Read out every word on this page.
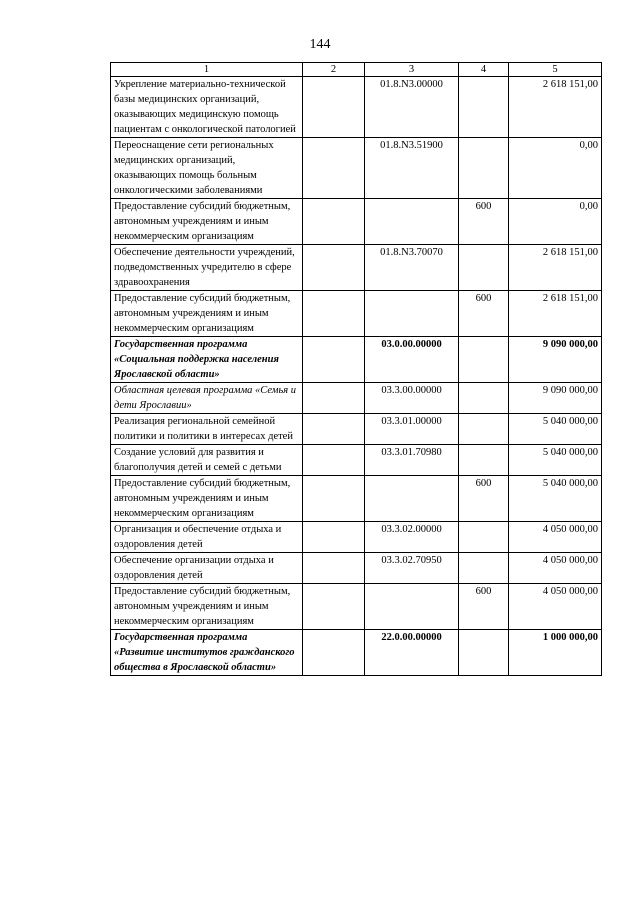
144
1	2	3	4	5
Укрепление материально-технической базы медицинских организаций, оказывающих медицинскую помощь пациентам с онкологической патологией		01.8.N3.00000		2 618 151,00
Переоснащение сети региональных медицинских организаций, оказывающих помощь больным онкологическими заболеваниями		01.8.N3.51900		0,00
Предоставление субсидий бюджетным, автономным учреждениям и иным некоммерческим организациям			600	0,00
Обеспечение деятельности учреждений, подведомственных учредителю в сфере здравоохранения		01.8.N3.70070		2 618 151,00
Предоставление субсидий бюджетным, автономным учреждениям и иным некоммерческим организациям			600	2 618 151,00
Государственная программа «Социальная поддержка населения Ярославской области»		03.0.00.00000		9 090 000,00
Областная целевая программа «Семья и дети Ярославии»		03.3.00.00000		9 090 000,00
Реализация региональной семейной политики и политики в интересах детей		03.3.01.00000		5 040 000,00
Создание условий для развития и благополучия детей и семей с детьми		03.3.01.70980		5 040 000,00
Предоставление субсидий бюджетным, автономным учреждениям и иным некоммерческим организациям			600	5 040 000,00
Организация и обеспечение отдыха и оздоровления детей		03.3.02.00000		4 050 000,00
Обеспечение организации отдыха и оздоровления детей		03.3.02.70950		4 050 000,00
Предоставление субсидий бюджетным, автономным учреждениям и иным некоммерческим организациям			600	4 050 000,00
Государственная программа «Развитие институтов гражданского общества в Ярославской области»		22.0.00.00000		1 000 000,00
